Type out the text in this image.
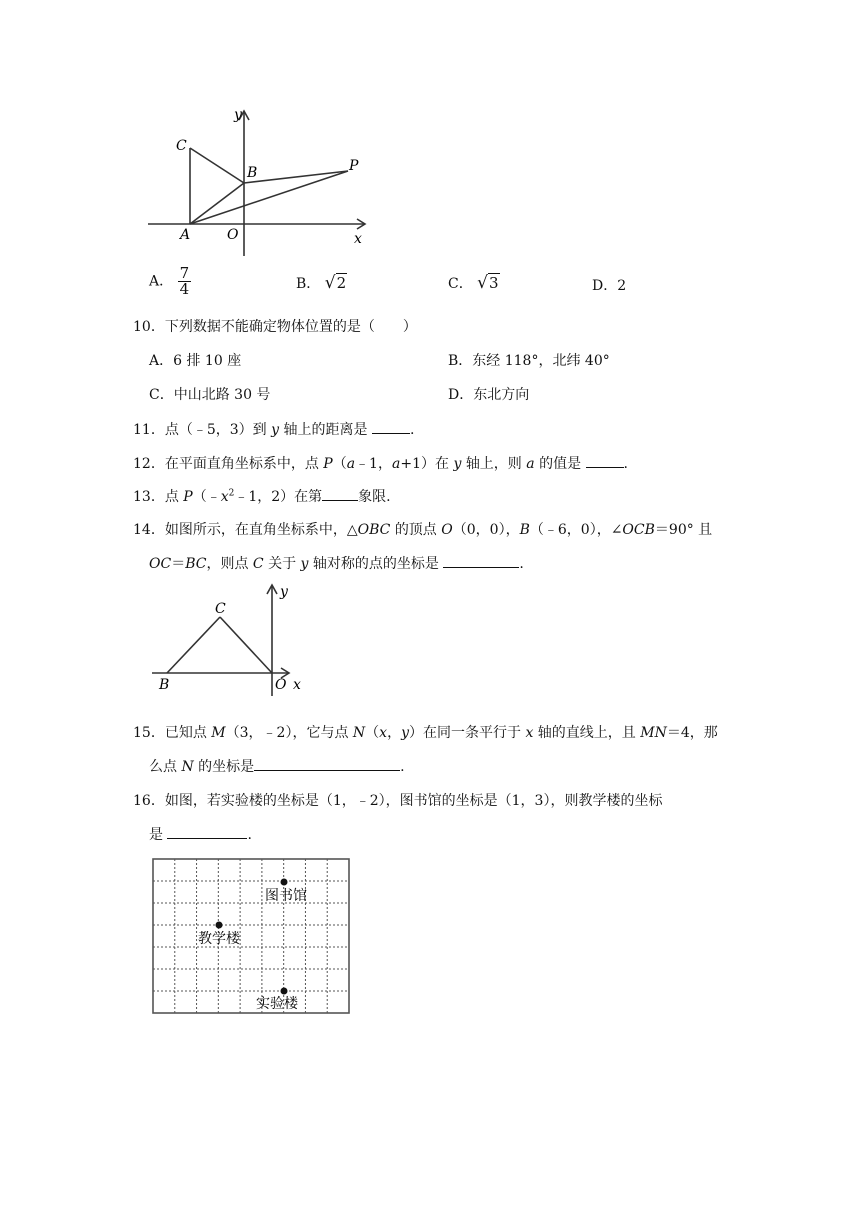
y
x
C
B	P
A	O
A． $\frac{7}{4}$	B． √2	C． √3	D．2
10．下列数据不能确定物体位置的是（　　）
A．6 排 10 座	B．东经 118°，北纬 40°
C．中山北路 30 号	D．东北方向
11．点（﹣5，3）到 y 轴上的距离是	.
12．在平面直角坐标系中，点 P（a﹣1，a+1）在 y 轴上，则 a 的值是	.
13．点 $P(﹣x^2﹣1$，2）在第	象限.
14．如图所示，在直角坐标系中，△OBC 的顶点 O（0，0），B（﹣6，0），∠OCB＝90° 且
OC＝BC，则点 C 关于 y 轴对称的点的坐标是	.
C
y
B	O x
15．已知点 M（3，﹣2），它与点 N（x，y）在同一条平行于 x 轴的直线上，且 MN＝4，那
么点 N 的坐标是	.
16．如图，若实验楼的坐标是（1，﹣2），图书馆的坐标是（1，3），则教学楼的坐标
是	.
图书馆
教学楼
实验楼
